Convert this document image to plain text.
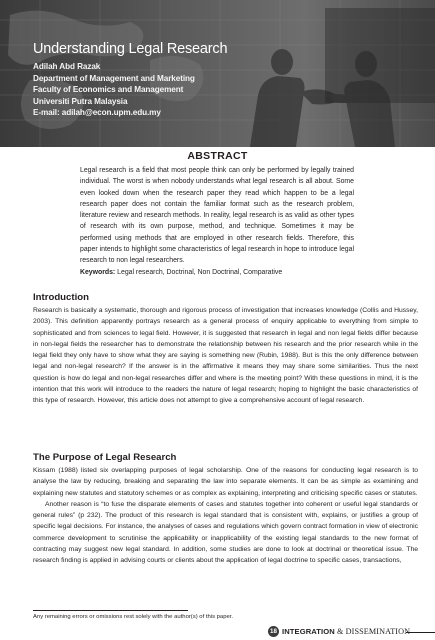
Understanding Legal Research
Adilah Abd Razak
Department of Management and Marketing
Faculty of Economics and Management
Universiti Putra Malaysia
E-mail: adilah@econ.upm.edu.my
ABSTRACT

Legal research is a field that most people think can only be performed by legally trained individual. The worst is when nobody understands what legal research is all about. Some even looked down when the research paper they read which happen to be a legal research paper does not contain the familiar format such as the research problem, literature review and research methods. In reality, legal research is as valid as other types of research with its own purpose, method, and technique. Sometimes it may be performed using methods that are employed in other research fields. Therefore, this paper intends to highlight some characteristics of legal research in hope to introduce legal research to non legal researchers.

Keywords: Legal research, Doctrinal, Non Doctrinal, Comparative

Introduction

Research is basically a systematic, thorough and rigorous process of investigation that increases knowledge (Collis and Hussey, 2003). This definition apparently portrays research as a general process of enquiry applicable to everything from simple to sophisticated and from sciences to legal field. However, it is suggested that research in legal and non legal fields differ because in non-legal fields the researcher has to demonstrate the relationship between his research and the prior research while in the legal field they only have to show what they are saying is something new (Rubin, 1988). But is this the only difference between legal and non-legal research? If the answer is in the affirmative it means they may share some similarities. Thus the next question is how do legal and non-legal researches differ and where is the meeting point? With these questions in mind, it is the intention that this work will introduce to the readers the nature of legal research; hoping to highlight the basic characteristics of this type of research. However, this article does not attempt to give a comprehensive account of legal research.

The Purpose of Legal Research

Kissam (1988) listed six overlapping purposes of legal scholarship. One of the reasons for conducting legal research is to analyse the law by reducing, breaking and separating the law into separate elements. It can be as simple as examining and explaining new statutes and statutory schemes or as complex as explaining, interpreting and criticising specific cases or statutes.

Another reason is “to fuse the disparate elements of cases and statutes together into coherent or useful legal standards or general rules” (p 232). The product of this research is legal standard that is consistent with, explains, or justifies a group of specific legal decisions. For instance, the analyses of cases and regulations which govern contract formation in view of electronic commerce development to scrutinise the applicability or inapplicability of the existing legal standards to the new format of contracting may suggest new legal standard. In addition, some studies are done to look at doctrinal or theoretical issue. The research finding is applied in advising courts or clients about the application of legal doctrine to specific cases, transactions,

Any remaining errors or omissions rest solely with the author(s) of this paper.

18 INTEGRATION & DISSEMINATION
